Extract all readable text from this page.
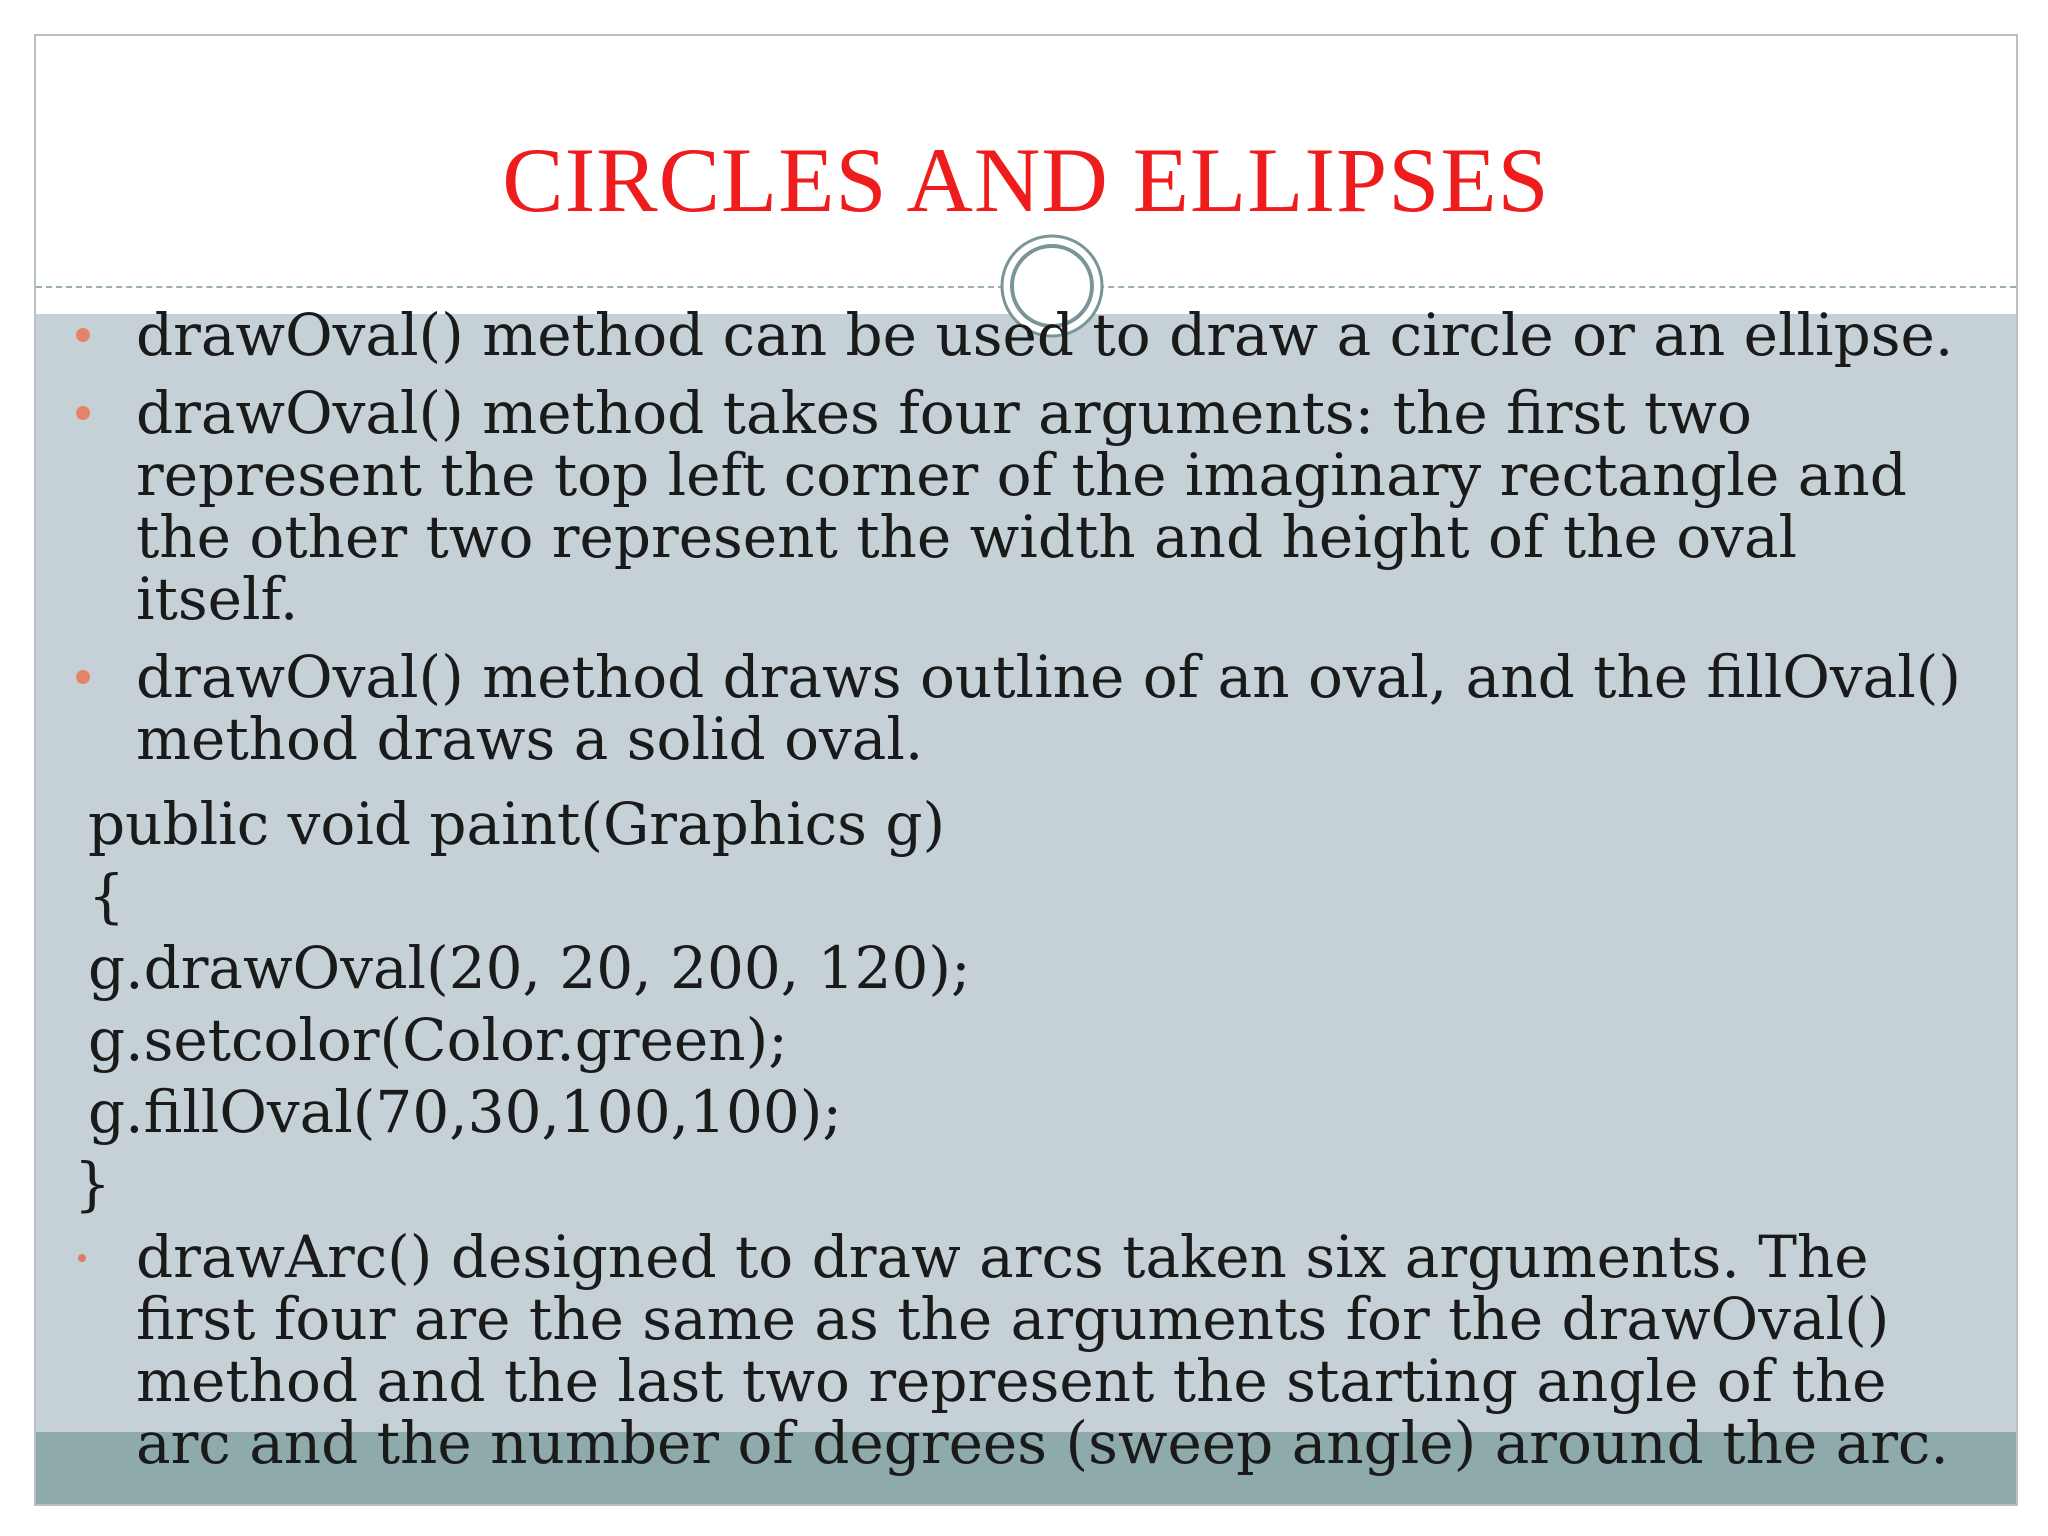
CIRCLES AND ELLIPSES
drawOval() method can be used to draw a circle or an ellipse.
drawOval() method takes four arguments: the first two represent the top left corner of the imaginary rectangle and the other two represent the width and height of the oval itself.
drawOval() method draws outline of an oval, and the fillOval() method draws a solid oval.
public void paint(Graphics g)
{
g.drawOval(20, 20, 200, 120);
g.setcolor(Color.green);
g.fillOval(70,30,100,100);
}
drawArc() designed to draw arcs taken six arguments. The first four are the same as the arguments for the drawOval() method and the last two represent the starting angle of the arc and the number of degrees (sweep angle) around the arc.
